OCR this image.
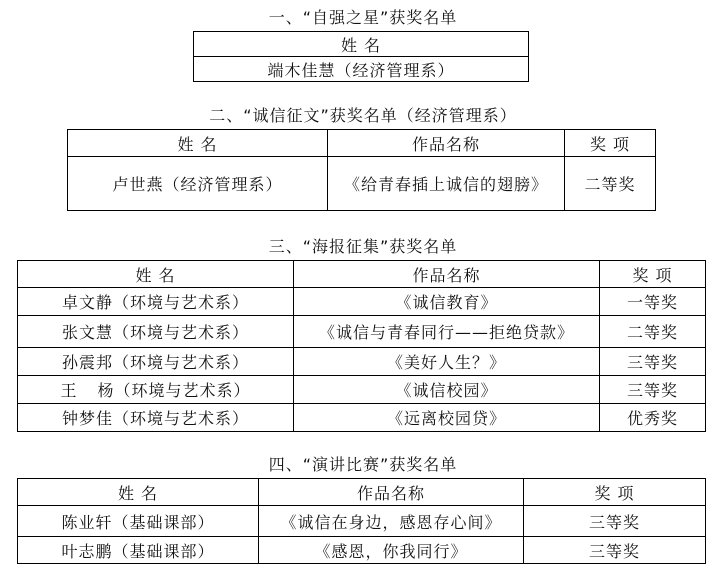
一、“自强之星”获奖名单
姓 名
端木佳慧（经济管理系）
二、“诚信征文”获奖名单（经济管理系）
姓 名	作品名称	奖 项
卢世燕（经济管理系）	《给青春插上诚信的翅膀》	二等奖
三、“海报征集”获奖名单
姓 名	作品名称	奖 项
卓文静（环境与艺术系）	《诚信教育》	一等奖
张文慧（环境与艺术系）	《诚信与青春同行——拒绝贷款》	二等奖
孙震邦（环境与艺术系）	《美好人生？》	三等奖
王 杨（环境与艺术系）	《诚信校园》	三等奖
钟梦佳（环境与艺术系）	《远离校园贷》	优秀奖
四、“演讲比赛”获奖名单
姓 名	作品名称	奖 项
陈业轩（基础课部）	《诚信在身边，感恩存心间》	三等奖
叶志鹏（基础课部）	《感恩，你我同行》	三等奖
